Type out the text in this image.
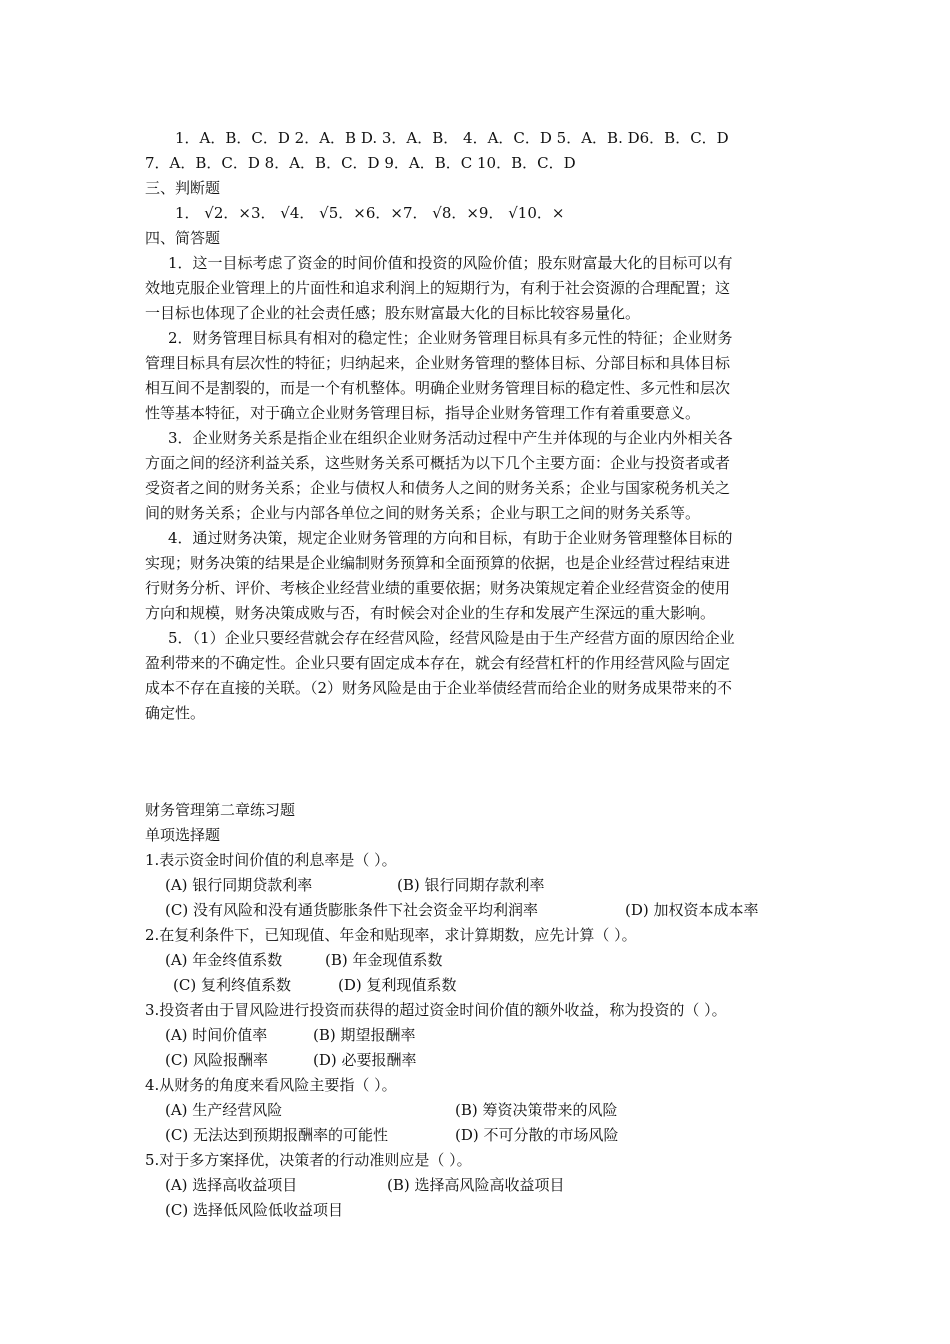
1．A．B．C．D 2．A．B D. 3．A．B． 4．A．C．D 5．A．B. D6．B．C．D
7．A．B．C．D 8．A．B．C．D 9．A．B．C 10．B．C．D
三、判断题
1． √2．×3． √4． √5．×6．×7． √8．×9． √10．×
四、简答题
1．这一目标考虑了资金的时间价值和投资的风险价值；股东财富最大化的目标可以有
效地克服企业管理上的片面性和追求利润上的短期行为，有利于社会资源的合理配置；这
一目标也体现了企业的社会责任感；股东财富最大化的目标比较容易量化。
2．财务管理目标具有相对的稳定性；企业财务管理目标具有多元性的特征；企业财务
管理目标具有层次性的特征；归纳起来，企业财务管理的整体目标、分部目标和具体目标
相互间不是割裂的，而是一个有机整体。明确企业财务管理目标的稳定性、多元性和层次
性等基本特征，对于确立企业财务管理目标，指导企业财务管理工作有着重要意义。
3．企业财务关系是指企业在组织企业财务活动过程中产生并体现的与企业内外相关各
方面之间的经济利益关系，这些财务关系可概括为以下几个主要方面：企业与投资者或者
受资者之间的财务关系；企业与债权人和债务人之间的财务关系；企业与国家税务机关之
间的财务关系；企业与内部各单位之间的财务关系；企业与职工之间的财务关系等。
4．通过财务决策，规定企业财务管理的方向和目标，有助于企业财务管理整体目标的
实现；财务决策的结果是企业编制财务预算和全面预算的依据，也是企业经营过程结束进
行财务分析、评价、考核企业经营业绩的重要依据；财务决策规定着企业经营资金的使用
方向和规模，财务决策成败与否，有时候会对企业的生存和发展产生深远的重大影响。
5．（1）企业只要经营就会存在经营风险，经营风险是由于生产经营方面的原因给企业
盈利带来的不确定性。企业只要有固定成本存在，就会有经营杠杆的作用经营风险与固定
成本不存在直接的关联。（2）财务风险是由于企业举债经营而给企业的财务成果带来的不
确定性。
财务管理第二章练习题
单项选择题
1.表示资金时间价值的利息率是（ ）。
(A) 银行同期贷款利率	(B) 银行同期存款利率
(C) 没有风险和没有通货膨胀条件下社会资金平均利润率	(D) 加权资本成本率
2.在复利条件下，已知现值、年金和贴现率，求计算期数，应先计算（ ）。
(A) 年金终值系数	(B) 年金现值系数
(C) 复利终值系数	(D) 复利现值系数
3.投资者由于冒风险进行投资而获得的超过资金时间价值的额外收益，称为投资的（ ）。
(A) 时间价值率	(B) 期望报酬率
(C) 风险报酬率	(D) 必要报酬率
4.从财务的角度来看风险主要指（ ）。
(A) 生产经营风险	(B) 筹资决策带来的风险
(C) 无法达到预期报酬率的可能性	(D) 不可分散的市场风险
5.对于多方案择优，决策者的行动准则应是（ ）。
(A) 选择高收益项目	(B) 选择高风险高收益项目
(C) 选择低风险低收益项目
